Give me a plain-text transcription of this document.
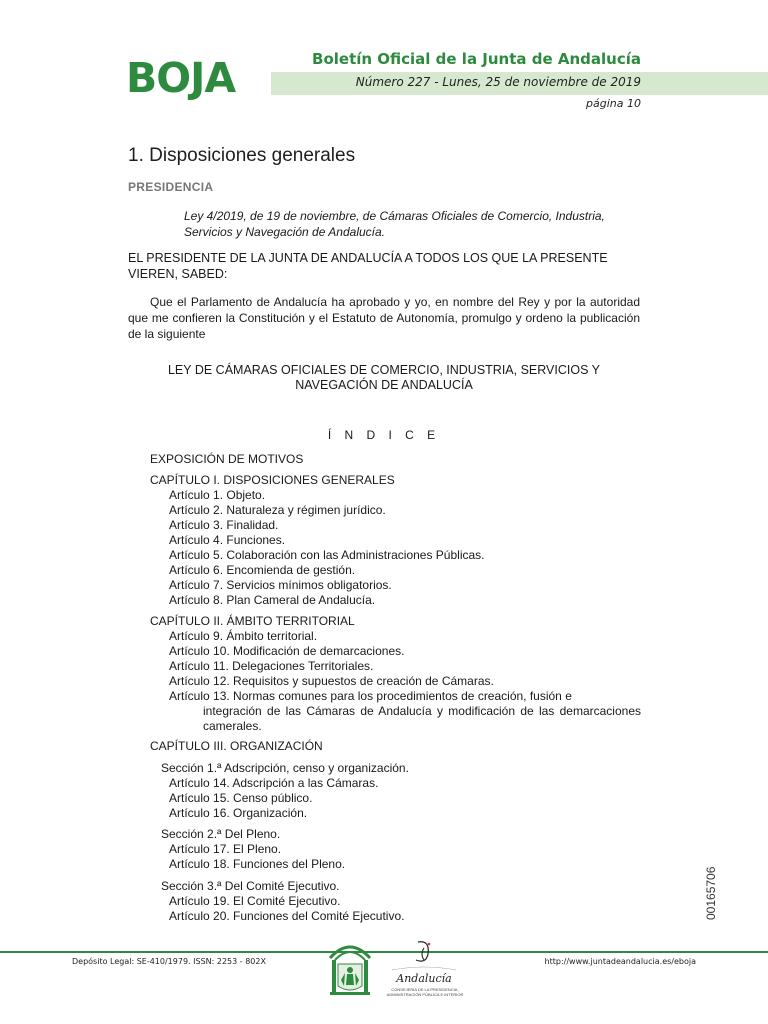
BOJA	Boletín Oficial de la Junta de Andalucía
Número 227 - Lunes, 25 de noviembre de 2019
página 10
1. Disposiciones generales
PRESIDENCIA
Ley 4/2019, de 19 de noviembre, de Cámaras Oficiales de Comercio, Industria, Servicios y Navegación de Andalucía.
EL PRESIDENTE DE LA JUNTA DE ANDALUCÍA A TODOS LOS QUE LA PRESENTE VIEREN, SABED:
Que el Parlamento de Andalucía ha aprobado y yo, en nombre del Rey y por la autoridad que me confieren la Constitución y el Estatuto de Autonomía, promulgo y ordeno la publicación de la siguiente
LEY DE CÁMARAS OFICIALES DE COMERCIO, INDUSTRIA, SERVICIOS Y NAVEGACIÓN DE ANDALUCÍA
Í N D I C E
EXPOSICIÓN DE MOTIVOS
CAPÍTULO I. DISPOSICIONES GENERALES
Artículo 1. Objeto.
Artículo 2. Naturaleza y régimen jurídico.
Artículo 3. Finalidad.
Artículo 4. Funciones.
Artículo 5. Colaboración con las Administraciones Públicas.
Artículo 6. Encomienda de gestión.
Artículo 7. Servicios mínimos obligatorios.
Artículo 8. Plan Cameral de Andalucía.
CAPÍTULO II. ÁMBITO TERRITORIAL
Artículo 9. Ámbito territorial.
Artículo 10. Modificación de demarcaciones.
Artículo 11. Delegaciones Territoriales.
Artículo 12. Requisitos y supuestos de creación de Cámaras.
Artículo 13. Normas comunes para los procedimientos de creación, fusión e
integración de las Cámaras de Andalucía y modificación de las demarcaciones camerales.
CAPÍTULO III. ORGANIZACIÓN
Sección 1.ª Adscripción, censo y organización.
Artículo 14. Adscripción a las Cámaras.
Artículo 15. Censo público.
Artículo 16. Organización.
Sección 2.ª Del Pleno.
Artículo 17. El Pleno.
Artículo 18. Funciones del Pleno.
Sección 3.ª Del Comité Ejecutivo.
Artículo 19. El Comité Ejecutivo.
Artículo 20. Funciones del Comité Ejecutivo.	00165706
Depósito Legal: SE-410/1979. ISSN: 2253 - 802X	http://www.juntadeandalucia.es/eboja
Andalucía
CONSEJERÍA DE LA PRESIDENCIA, ADMINISTRACIÓN PÚBLICA E INTERIOR
